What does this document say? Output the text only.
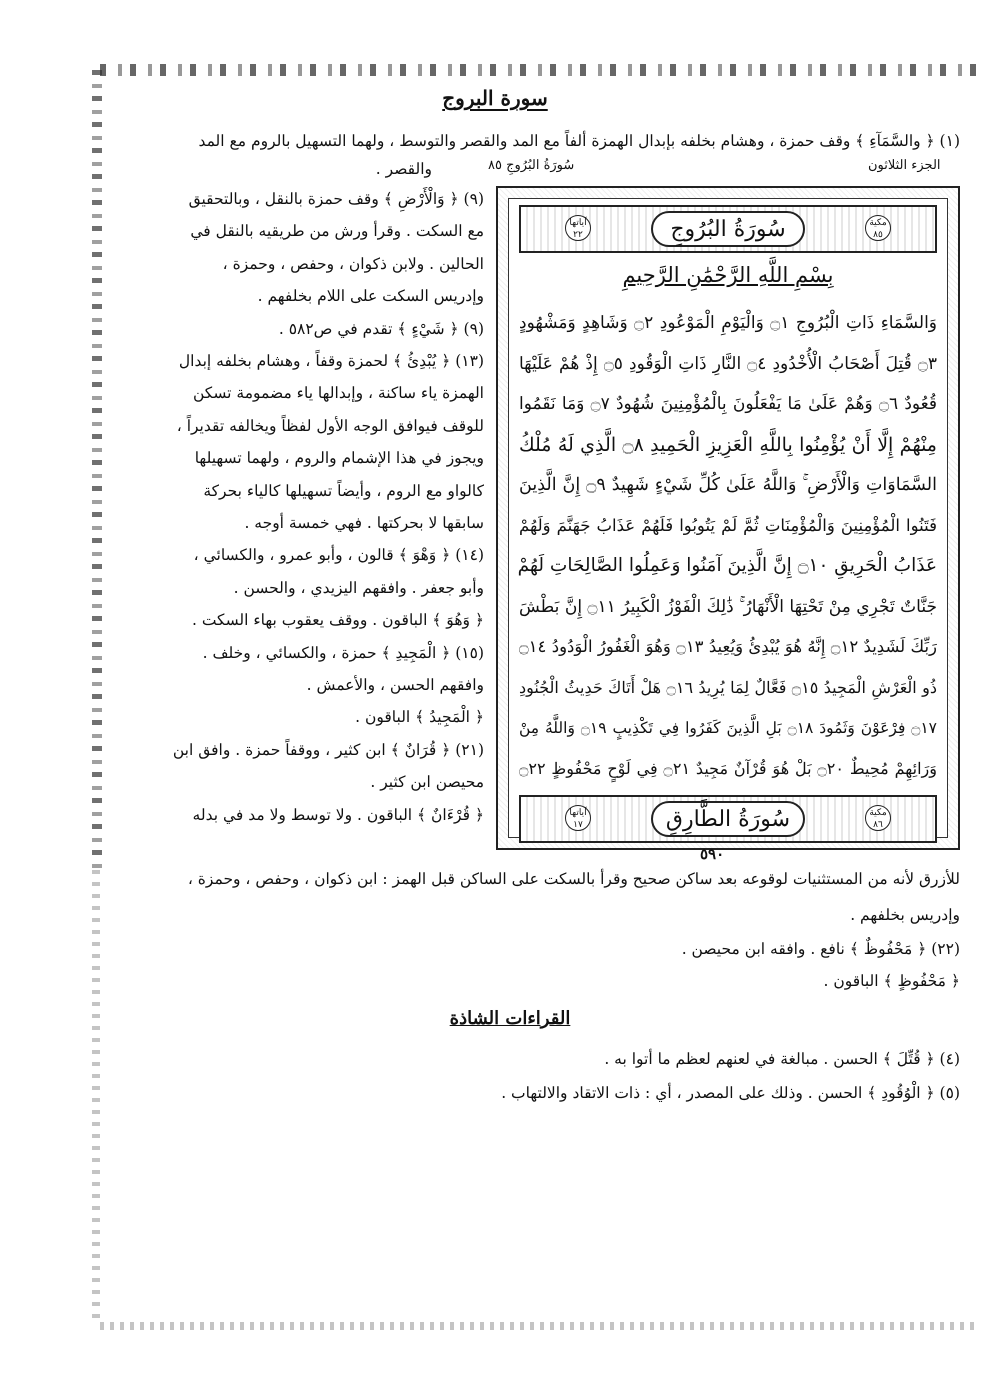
سورة البروج
(١) ﴿ والسَّمَآءِ ﴾ وقف حمزة ، وهشام بخلفه بإبدال الهمزة ألفاً مع المد والقصر والتوسط ، ولهما التسهيل بالروم مع المد
والقصر .	الجزء الثلاثون
سُورَةُ البُرُوجِ ٨٥
(٩) ﴿ وَالْأَرْضِ ﴾ وقف حمزة بالنقل ، وبالتحقيق
مع السكت . وقرأ ورش من طريقيه بالنقل في
الحالين . ولابن ذكوان ، وحفص ، وحمزة ،
وإدريس السكت على اللام بخلفهم .
(٩) ﴿ شَيْءٍ ﴾ تقدم في ص٥٨٢ .
(١٣) ﴿ يُبْدِئُ ﴾ لحمزة وقفاً ، وهشام بخلفه إبدال
الهمزة ياء ساكنة ، وإبدالها ياء مضمومة تسكن
للوقف فيوافق الوجه الأول لفظاً ويخالفه تقديراً ،
ويجوز في هذا الإشمام والروم ، ولهما تسهيلها
كالواو مع الروم ، وأيضاً تسهيلها كالياء بحركة
سابقها لا بحركتها . فهي خمسة أوجه .
(١٤) ﴿ وَهْوَ ﴾ قالون ، وأبو عمرو ، والكسائي ،
وأبو جعفر . وافقهم اليزيدي ، والحسن .
﴿ وَهُوَ ﴾ الباقون . ووقف يعقوب بهاء السكت .
(١٥) ﴿ الْمَجِيدِ ﴾ حمزة ، والكسائي ، وخلف .
وافقهم الحسن ، والأعمش .
﴿ الْمَجِيدُ ﴾ الباقون .
(٢١) ﴿ قُرَانٌ ﴾ ابن كثير ، ووقفاً حمزة . وافق ابن
محيصن ابن كثير .
﴿ قُرْءَانٌ ﴾ الباقون . ولا توسط ولا مد في بدله
مكية ٨٥
سُورَةُ البُرُوجِ
آياتها ٢٢
بِسْمِ اللَّهِ الرَّحْمَٰنِ الرَّحِيمِ
وَالسَّمَاءِ ذَاتِ الْبُرُوجِ ۝١ وَالْيَوْمِ الْمَوْعُودِ ۝٢ وَشَاهِدٍ وَمَشْهُودٍ
۝٣ قُتِلَ أَصْحَابُ الْأُخْدُودِ ۝٤ النَّارِ ذَاتِ الْوَقُودِ ۝٥ إِذْ هُمْ عَلَيْهَا
قُعُودٌ ۝٦ وَهُمْ عَلَىٰ مَا يَفْعَلُونَ بِالْمُؤْمِنِينَ شُهُودٌ ۝٧ وَمَا نَقَمُوا
مِنْهُمْ إِلَّا أَنْ يُؤْمِنُوا بِاللَّهِ الْعَزِيزِ الْحَمِيدِ ۝٨ الَّذِي لَهُ مُلْكُ
السَّمَاوَاتِ وَالْأَرْضِ ۚ وَاللَّهُ عَلَىٰ كُلِّ شَيْءٍ شَهِيدٌ ۝٩ إِنَّ الَّذِينَ
فَتَنُوا الْمُؤْمِنِينَ وَالْمُؤْمِنَاتِ ثُمَّ لَمْ يَتُوبُوا فَلَهُمْ عَذَابُ جَهَنَّمَ وَلَهُمْ
عَذَابُ الْحَرِيقِ ۝١٠ إِنَّ الَّذِينَ آمَنُوا وَعَمِلُوا الصَّالِحَاتِ لَهُمْ
جَنَّاتٌ تَجْرِي مِنْ تَحْتِهَا الْأَنْهَارُ ۚ ذَٰلِكَ الْفَوْزُ الْكَبِيرُ ۝١١ إِنَّ بَطْشَ
رَبِّكَ لَشَدِيدٌ ۝١٢ إِنَّهُ هُوَ يُبْدِئُ وَيُعِيدُ ۝١٣ وَهُوَ الْغَفُورُ الْوَدُودُ ۝١٤
ذُو الْعَرْشِ الْمَجِيدُ ۝١٥ فَعَّالٌ لِمَا يُرِيدُ ۝١٦ هَلْ أَتَاكَ حَدِيثُ الْجُنُودِ
۝١٧ فِرْعَوْنَ وَثَمُودَ ۝١٨ بَلِ الَّذِينَ كَفَرُوا فِي تَكْذِيبٍ ۝١٩ وَاللَّهُ مِنْ
وَرَائِهِمْ مُحِيطٌ ۝٢٠ بَلْ هُوَ قُرْآنٌ مَجِيدٌ ۝٢١ فِي لَوْحٍ مَحْفُوظٍ ۝٢٢
مكية ٨٦
سُورَةُ الطَّارِقِ
آياتها ١٧
٥٩٠
للأزرق لأنه من المستثنيات لوقوعه بعد ساكن صحيح وقرأ بالسكت على الساكن قبل الهمز : ابن ذكوان ، وحفص ، وحمزة ،
وإدريس بخلفهم .
(٢٢) ﴿ مَحْفُوظٌ ﴾ نافع . وافقه ابن محيصن .
﴿ مَحْفُوظٍ ﴾ الباقون .
القراءات الشاذة
(٤) ﴿ قُتِّلَ ﴾ الحسن . مبالغة في لعنهم لعظم ما أتوا به .
(٥) ﴿ الْوُقُودِ ﴾ الحسن . وذلك على المصدر ، أي : ذات الاتقاد والالتهاب .
